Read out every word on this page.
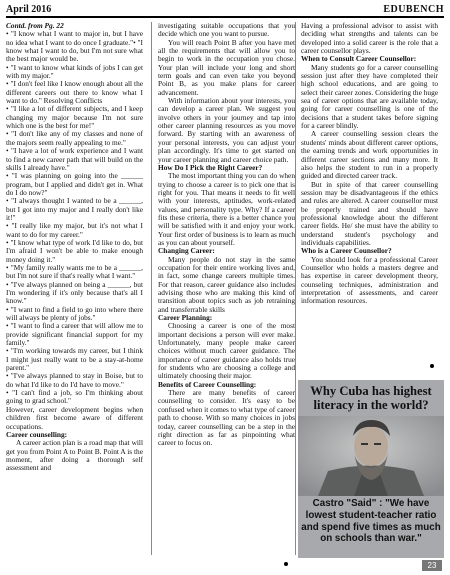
April 2016	EDUBENCH

Contd. from Pg. 22

• "I know what I want to major in, but I have no idea what I want to do once I graduate."• "I know what I want to do, but I'm not sure what the best major would be.

• "I want to know what kinds of jobs I can get with my major."

• "I don't feel like I know enough about all the different careers out there to know what I want to do." Resolving Conflicts

• "I like a lot of different subjects, and I keep changing my major because I'm not sure which one is the best for me!"

• "I don't like any of my classes and none of the majors seem really appealing to me."

• "I have a lot of work experience and I want to find a new career path that will build on the skills I already have."

• "I was planning on going into the ______ program, but I applied and didn't get in. What do I do now?"

• "I always thought I wanted to be a ______, but I got into my major and I really don't like it!"

• "I really like my major, but it's not what I want to do for my career."

• "I know what type of work I'd like to do, but I'm afraid I won't be able to make enough money doing it."

• "My family really wants me to be a ______, but I'm not sure if that's really what I want."

• "I've always planned on being a ______, but I'm wondering if it's only because that's all I know."

• "I want to find a field to go into where there will always be plenty of jobs."

• "I want to find a career that will allow me to provide significant financial support for my family."

• "I'm working towards my career, but I think I might just really want to be a stay-at-home parent."

• "I've always planned to stay in Boise, but to do what I'd like to do I'd have to move."

• "I can't find a job, so I'm thinking about going to grad school."

However, career development begins when children first become aware of different occupations.

Career counselling:

A career action plan is a road map that will get you from Point A to Point B. Point A is the moment, after doing a thorough self assessment and

investigating suitable occupations that you decide which one you want to pursue.

You will reach Point B after you have met all the requirements that will allow you to begin to work in the occupation you chose. Your plan will include your long and short term goals and can even take you beyond Point B, as you make plans for career advancement.

With information about your interests, you can develop a career plan. We suggest you involve others in your journey and tap into other career planning resources as you move forward. By starting with an awareness of your personal interests, you can adjust your plan accordingly. It's time to get started on your career planning and career choice path.

How Do I Pick the Right Career?

The most important thing you can do when trying to choose a career is to pick one that is right for you. That means it needs to fit well with your interests, aptitudes, work-related values, and personality type. Why? If a career fits these criteria, there is a better chance you will be satisfied with it and enjoy your work. Your first order of business is to learn as much as you can about yourself.

Changing Career:

Many people do not stay in the same occupation for their entire working lives and, in fact, some change careers multiple times. For that reason, career guidance also includes advising those who are making this kind of transition about topics such as job retraining and transferrable skills

Career Planning:

Choosing a career is one of the most important decisions a person will ever make. Unfortunately, many people make career choices without much career guidance. The importance of career guidance also holds true for students who are choosing a college and ultimately choosing their major.

Benefits of Career Counselling:

There are many benefits of career counselling to consider. It's easy to be confused when it comes to what type of career path to choose. With so many choices in jobs today, career counselling can be a step in the right direction as far as pinpointing what career to focus on.

Having a professional advisor to assist with deciding what strengths and talents can be developed into a solid career is the role that a career counsellor plays.

When to Consult Career Counsellor:

Many students go for a career counselling session just after they have completed their high school educations, and are going to select their career zones. Considering the huge sea of career options that are available today, going for career counselling is one of the decisions that a student takes before signing for a career blindly.

A career counselling session clears the students' minds about different career options, the earning trends and work opportunities in different career sections and many more. It also helps the student to run in a properly guided and directed career track.

But in spite of that career counselling session may be disadvantageous if the ethics and rules are altered. A career counsellor must be properly trained and should have professional knowledge about the different career fields. He/ she must have the ability to understand student's psychology and individuals capabilities.

Who is a Career Counsellor?

You should look for a professional Career Counsellor who holds a masters degree and has expertise in career development theory, counseling techniques, administration and interpretation of assessments, and career information resources.

Why Cuba has highest literacy in the world?
Castro "Said" : "We have lowest student-teacher ratio and spend five times as much on schools than war."
23
